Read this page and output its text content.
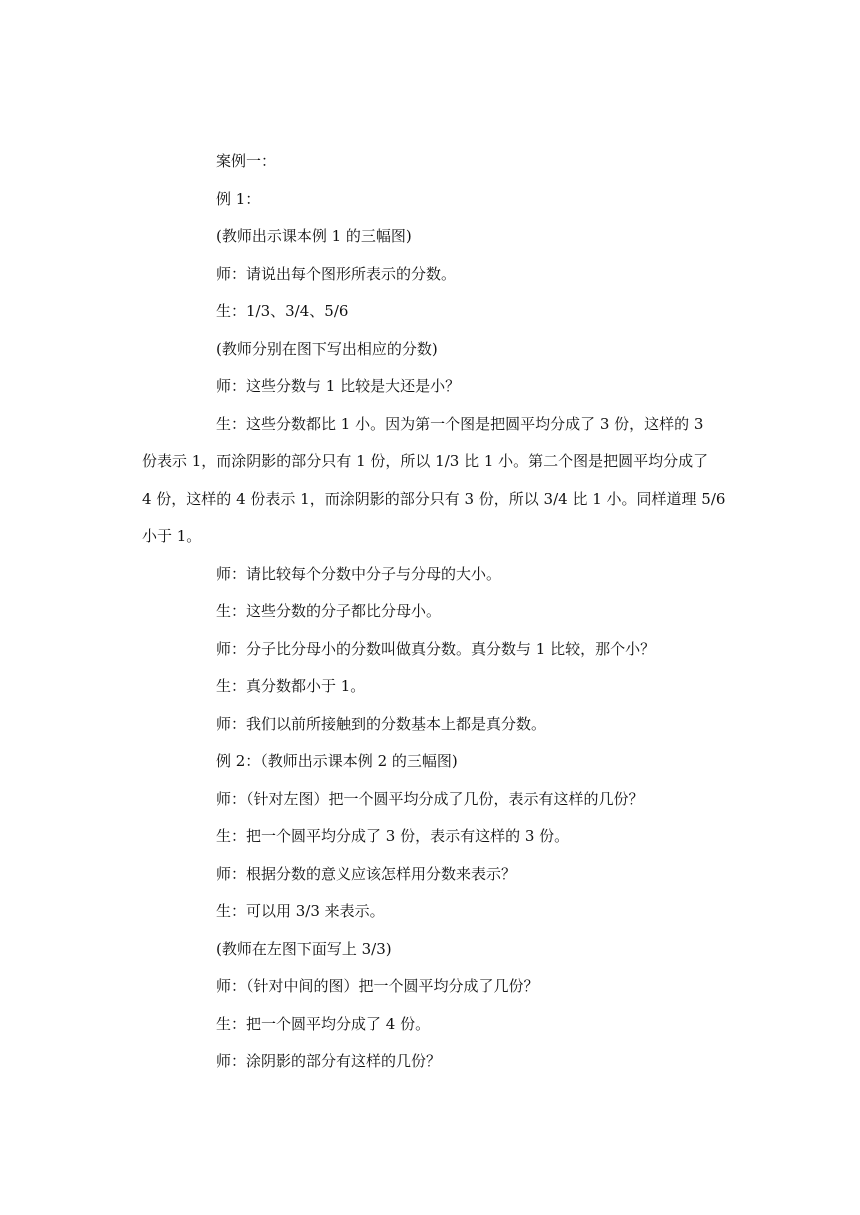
案例一：
例 1：
(教师出示课本例 1 的三幅图)
师：请说出每个图形所表示的分数。
生：1/3、3/4、5/6
(教师分别在图下写出相应的分数)
师：这些分数与 1 比较是大还是小？
生：这些分数都比 1 小。因为第一个图是把圆平均分成了 3 份，这样的 3
份表示 1，而涂阴影的部分只有 1 份，所以 1/3 比 1 小。第二个图是把圆平均分成了
4 份，这样的 4 份表示 1，而涂阴影的部分只有 3 份，所以 3/4 比 1 小。同样道理 5/6
小于 1。
师：请比较每个分数中分子与分母的大小。
生：这些分数的分子都比分母小。
师：分子比分母小的分数叫做真分数。真分数与 1 比较，那个小？
生：真分数都小于 1。
师：我们以前所接触到的分数基本上都是真分数。
例 2：（教师出示课本例 2 的三幅图)
师：（针对左图）把一个圆平均分成了几份，表示有这样的几份？
生：把一个圆平均分成了 3 份，表示有这样的 3 份。
师：根据分数的意义应该怎样用分数来表示？
生：可以用 3/3 来表示。
(教师在左图下面写上 3/3)
师：（针对中间的图）把一个圆平均分成了几份？
生：把一个圆平均分成了 4 份。
师：涂阴影的部分有这样的几份？
